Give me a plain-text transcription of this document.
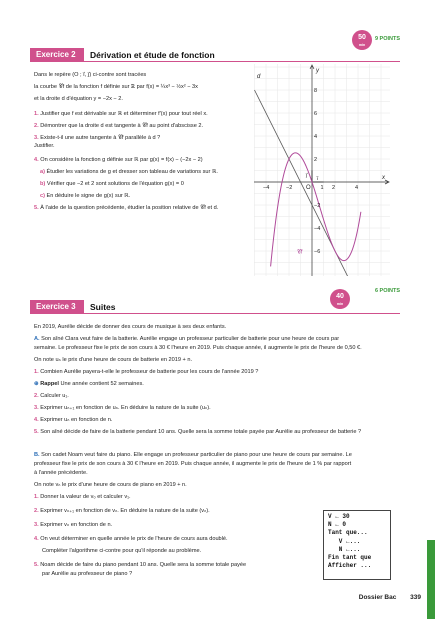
50
min
Exercice 2	Dérivation et étude de fonction
9 POINTS

Dans le repère (O ; i⃗, j⃗) ci-contre sont tracées

la courbe 𝒞f de la fonction f définie sur ℝ par f(x) = ¼x³ − ½x² − 3x

et la droite d d'équation y = −2x − 2.

1. Justifier que f est dérivable sur ℝ et déterminer f′(x) pour tout réel x.

2. Démontrer que la droite d est tangente à 𝒞f au point d'abscisse 2.

3. Existe-t-il une autre tangente à 𝒞f parallèle à d ?

Justifier.

4. On considère la fonction g définie sur ℝ par g(x) = f(x) − (−2x − 2)

a) Étudier les variations de g et dresser son tableau de variations sur ℝ.

b) Vérifier que −2 et 2 sont solutions de l'équation g(x) = 0

c) En déduire le signe de g(x) sur ℝ.

5. À l'aide de la question précédente, étudier la position relative de 𝒞f et d.

−4	−2	1 2	4
8
6
4
2
−2
−4
−6
O
x
y
i⃗
j⃗
d
𝒞f
40
min
Exercice 3	Suites
6 POINTS

En 2019, Aurélie décide de donner des cours de musique à ses deux enfants.

A. Son aîné Clara veut faire de la batterie. Aurélie engage un professeur particulier de batterie pour une heure de cours par

semaine. Le professeur fixe le prix de son cours à 30 € l'heure en 2019. Puis chaque année, il augmente le prix de l'heure de 0,50 €.

On note uₙ le prix d'une heure de cours de batterie en 2019 + n.

1. Combien Aurélie payera-t-elle le professeur de batterie pour les cours de l'année 2019 ?

⊕ Rappel Une année contient 52 semaines.

2. Calculer u₁.

3. Exprimer uₙ₊₁ en fonction de uₙ. En déduire la nature de la suite (uₙ).

4. Exprimer uₙ en fonction de n.

5. Son aîné décide de faire de la batterie pendant 10 ans. Quelle sera la somme totale payée par Aurélie au professeur de batterie ?

B. Son cadet Noam veut faire du piano. Elle engage un professeur particulier de piano pour une heure de cours par semaine. Le

professeur fixe le prix de son cours à 30 € l'heure en 2019. Puis chaque année, il augmente le prix de l'heure de 1 % par rapport

à l'année précédente.

On note vₙ le prix d'une heure de cours de piano en 2019 + n.

1. Donner la valeur de v₀ et calculer v₁.

2. Exprimer vₙ₊₁ en fonction de vₙ. En déduire la nature de la suite (vₙ).

3. Exprimer vₙ en fonction de n.

4. On veut déterminer en quelle année le prix de l'heure de cours aura doublé.

Compléter l'algorithme ci-contre pour qu'il réponde au problème.

5. Noam décide de faire du piano pendant 10 ans. Quelle sera la somme totale payée

par Aurélie au professeur de piano ?

V ← 30
N ← 0
Tant que...
V ←...
N ←...
Fin tant que
Afficher ...
Dossier Bac 339
